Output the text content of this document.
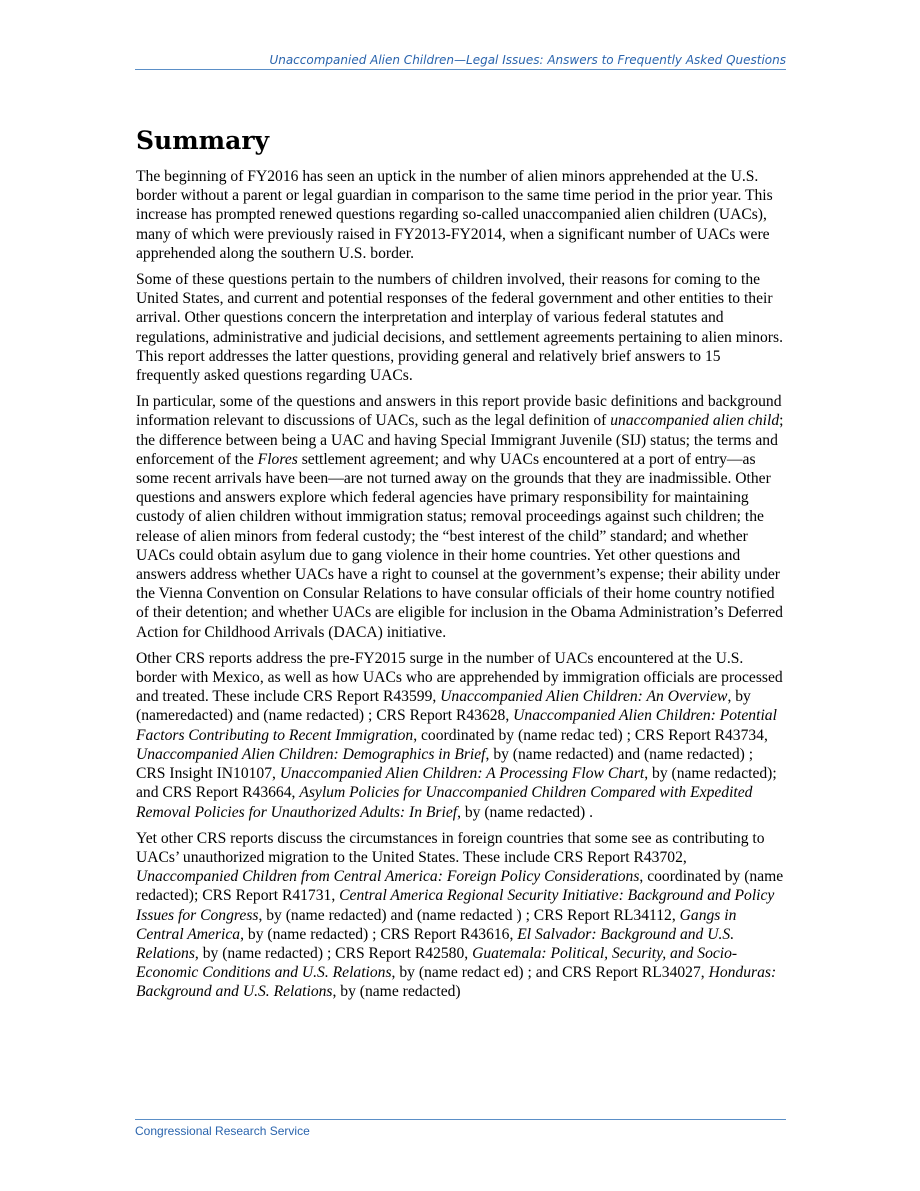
Unaccompanied Alien Children—Legal Issues: Answers to Frequently Asked Questions
Summary

The beginning of FY2016 has seen an uptick in the number of alien minors apprehended at the U.S. border without a parent or legal guardian in comparison to the same time period in the prior year. This increase has prompted renewed questions regarding so-called unaccompanied alien children (UACs), many of which were previously raised in FY2013-FY2014, when a significant number of UACs were apprehended along the southern U.S. border.

Some of these questions pertain to the numbers of children involved, their reasons for coming to the United States, and current and potential responses of the federal government and other entities to their arrival. Other questions concern the interpretation and interplay of various federal statutes and regulations, administrative and judicial decisions, and settlement agreements pertaining to alien minors. This report addresses the latter questions, providing general and relatively brief answers to 15 frequently asked questions regarding UACs.

In particular, some of the questions and answers in this report provide basic definitions and background information relevant to discussions of UACs, such as the legal definition of unaccompanied alien child; the difference between being a UAC and having Special Immigrant Juvenile (SIJ) status; the terms and enforcement of the Flores settlement agreement; and why UACs encountered at a port of entry—as some recent arrivals have been—are not turned away on the grounds that they are inadmissible. Other questions and answers explore which federal agencies have primary responsibility for maintaining custody of alien children without immigration status; removal proceedings against such children; the release of alien minors from federal custody; the “best interest of the child” standard; and whether UACs could obtain asylum due to gang violence in their home countries. Yet other questions and answers address whether UACs have a right to counsel at the government’s expense; their ability under the Vienna Convention on Consular Relations to have consular officials of their home country notified of their detention; and whether UACs are eligible for inclusion in the Obama Administration’s Deferred Action for Childhood Arrivals (DACA) initiative.

Other CRS reports address the pre-FY2015 surge in the number of UACs encountered at the U.S. border with Mexico, as well as how UACs who are apprehended by immigration officials are processed and treated. These include CRS Report R43599, Unaccompanied Alien Children: An Overview, by (nameredacted) and (name redacted) ; CRS Report R43628, Unaccompanied Alien Children: Potential Factors Contributing to Recent Immigration, coordinated by (name redac ted) ; CRS Report R43734, Unaccompanied Alien Children: Demographics in Brief, by (name redacted) and (name redacted) ; CRS Insight IN10107, Unaccompanied Alien Children: A Processing Flow Chart, by (name redacted); and CRS Report R43664, Asylum Policies for Unaccompanied Children Compared with Expedited Removal Policies for Unauthorized Adults: In Brief, by (name redacted) .

Yet other CRS reports discuss the circumstances in foreign countries that some see as contributing to UACs’ unauthorized migration to the United States. These include CRS Report R43702, Unaccompanied Children from Central America: Foreign Policy Considerations, coordinated by (name redacted); CRS Report R41731, Central America Regional Security Initiative: Background and Policy Issues for Congress, by (name redacted) and (name redacted ) ; CRS Report RL34112, Gangs in Central America, by (name redacted) ; CRS Report R43616, El Salvador: Background and U.S. Relations, by (name redacted) ; CRS Report R42580, Guatemala: Political, Security, and Socio-Economic Conditions and U.S. Relations, by (name redact ed) ; and CRS Report RL34027, Honduras: Background and U.S. Relations, by (name redacted)

Congressional Research Service
